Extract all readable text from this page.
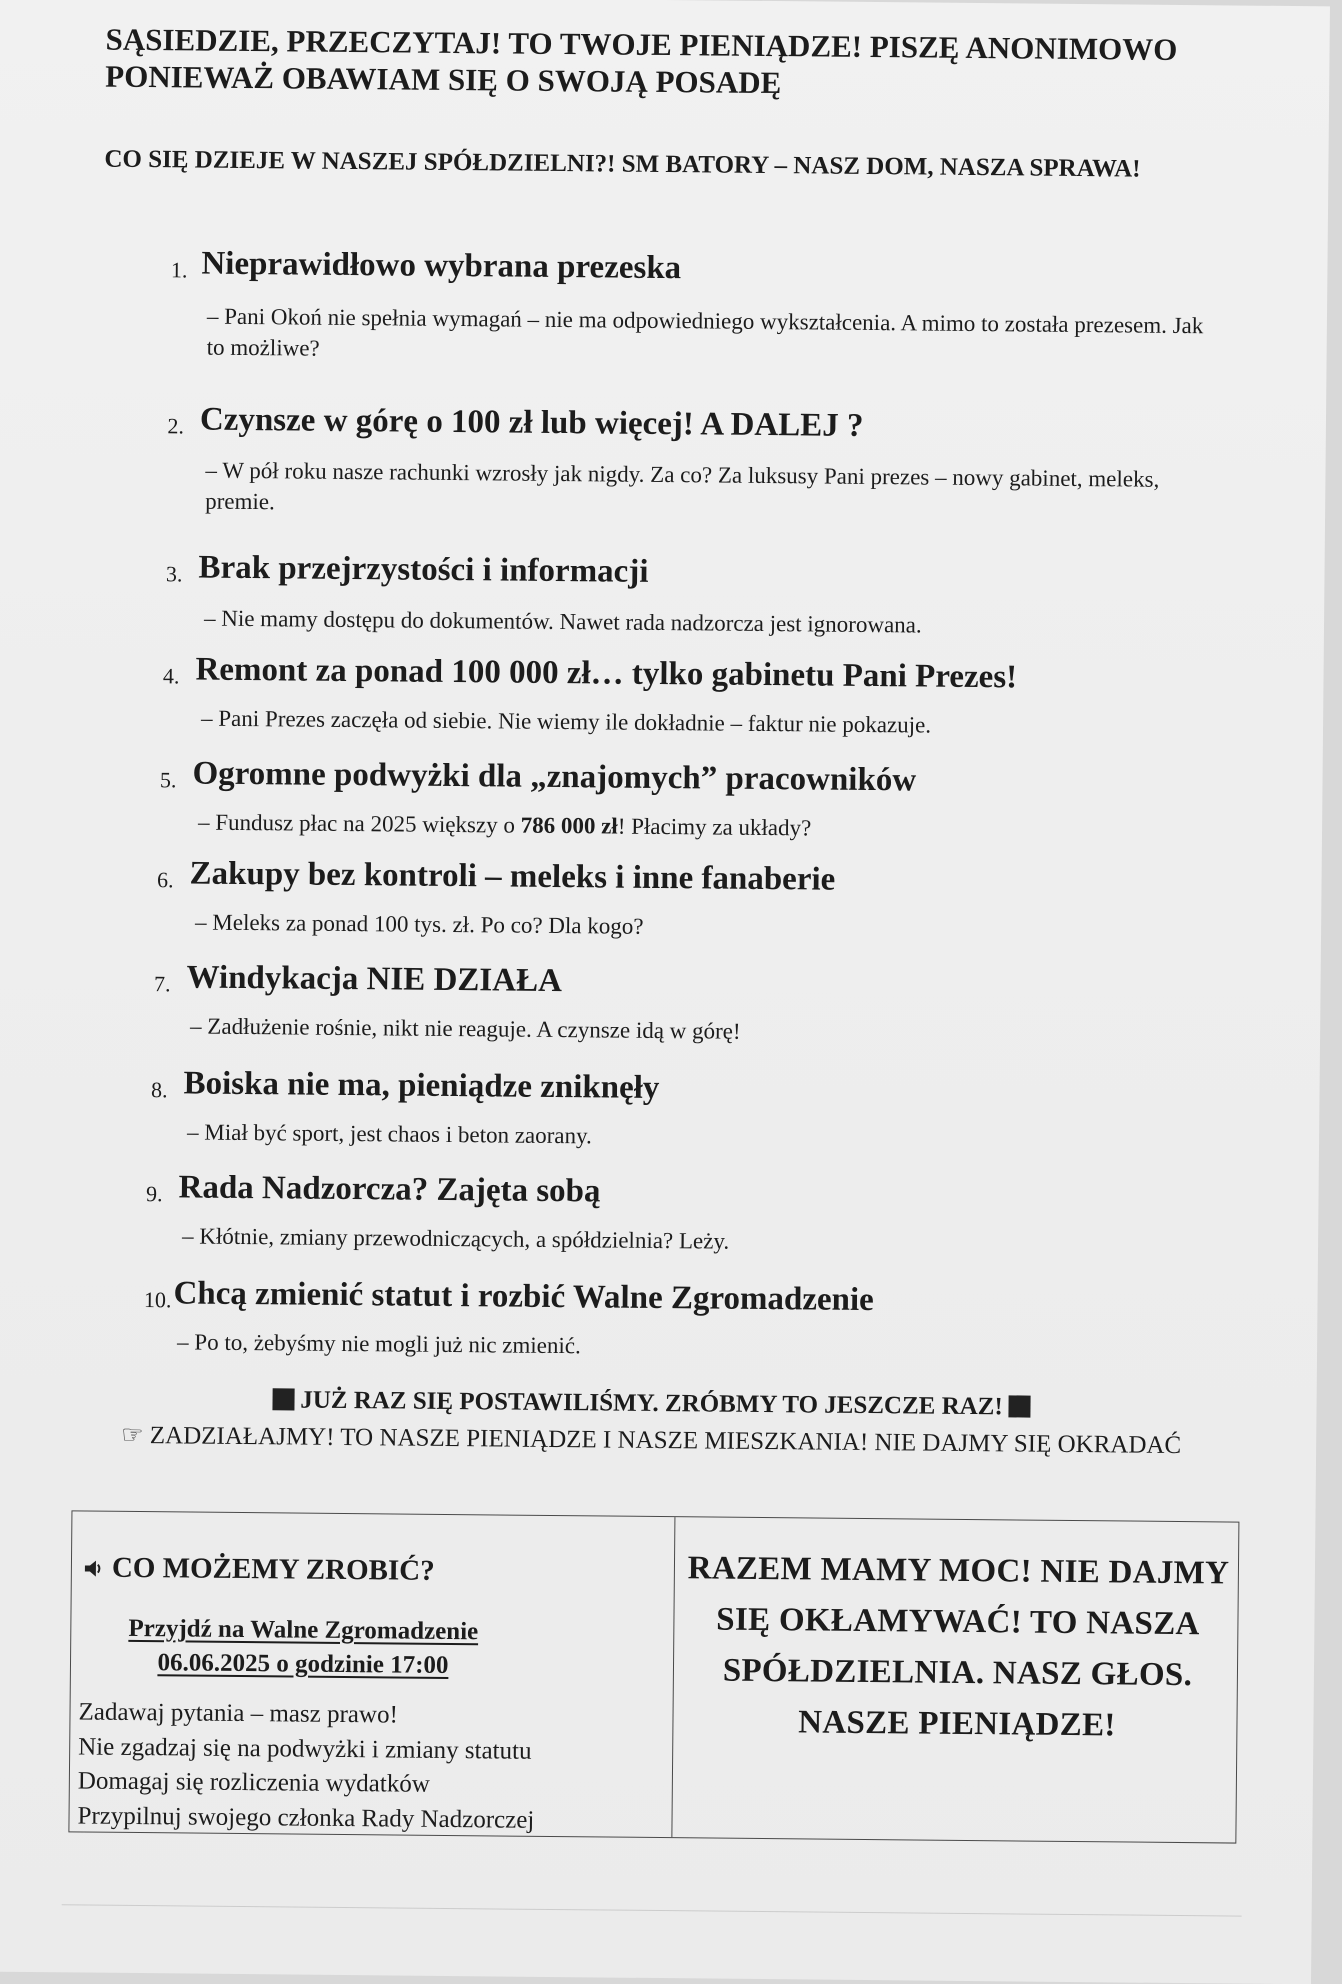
SĄSIEDZIE, PRZECZYTAJ! TO TWOJE PIENIĄDZE! PISZĘ ANONIMOWO PONIEWAŻ OBAWIAM SIĘ O SWOJĄ POSADĘ
CO SIĘ DZIEJE W NASZEJ SPÓŁDZIELNI?! SM BATORY – NASZ DOM, NASZA SPRAWA!
1. Nieprawidłowo wybrana prezeska
– Pani Okoń nie spełnia wymagań – nie ma odpowiedniego wykształcenia. A mimo to została prezesem. Jak to możliwe?
2. Czynsze w górę o 100 zł lub więcej! A DALEJ ?
– W pół roku nasze rachunki wzrosły jak nigdy. Za co? Za luksusy Pani prezes – nowy gabinet, meleks, premie.
3. Brak przejrzystości i informacji
– Nie mamy dostępu do dokumentów. Nawet rada nadzorcza jest ignorowana.
4. Remont za ponad 100 000 zł… tylko gabinetu Pani Prezes!
– Pani Prezes zaczęła od siebie. Nie wiemy ile dokładnie – faktur nie pokazuje.
5. Ogromne podwyżki dla „znajomych” pracowników
– Fundusz płac na 2025 większy o 786 000 zł! Płacimy za układy?
6. Zakupy bez kontroli – meleks i inne fanaberie
– Meleks za ponad 100 tys. zł. Po co? Dla kogo?
7. Windykacja NIE DZIAŁA
– Zadłużenie rośnie, nikt nie reaguje. A czynsze idą w górę!
8. Boiska nie ma, pieniądze zniknęły
– Miał być sport, jest chaos i beton zaorany.
9. Rada Nadzorcza? Zajęta sobą
– Kłótnie, zmiany przewodniczących, a spółdzielnia? Leży.
10. Chcą zmienić statut i rozbić Walne Zgromadzenie
– Po to, żebyśmy nie mogli już nic zmienić.
JUŻ RAZ SIĘ POSTAWILIŚMY. ZRÓBMY TO JESZCZE RAZ!
☞ ZADZIAŁAJMY! TO NASZE PIENIĄDZE I NASZE MIESZKANIA! NIE DAJMY SIĘ OKRADAĆ
CO MOŻEMY ZROBIĆ?
Przyjdź na Walne Zgromadzenie
06.06.2025 o godzinie 17:00
Zadawaj pytania – masz prawo!
Nie zgadzaj się na podwyżki i zmiany statutu
Domagaj się rozliczenia wydatków
Przypilnuj swojego członka Rady Nadzorczej
RAZEM MAMY MOC! NIE DAJMY SIĘ OKŁAMYWAĆ! TO NASZA SPÓŁDZIELNIA. NASZ GŁOS. NASZE PIENIĄDZE!
